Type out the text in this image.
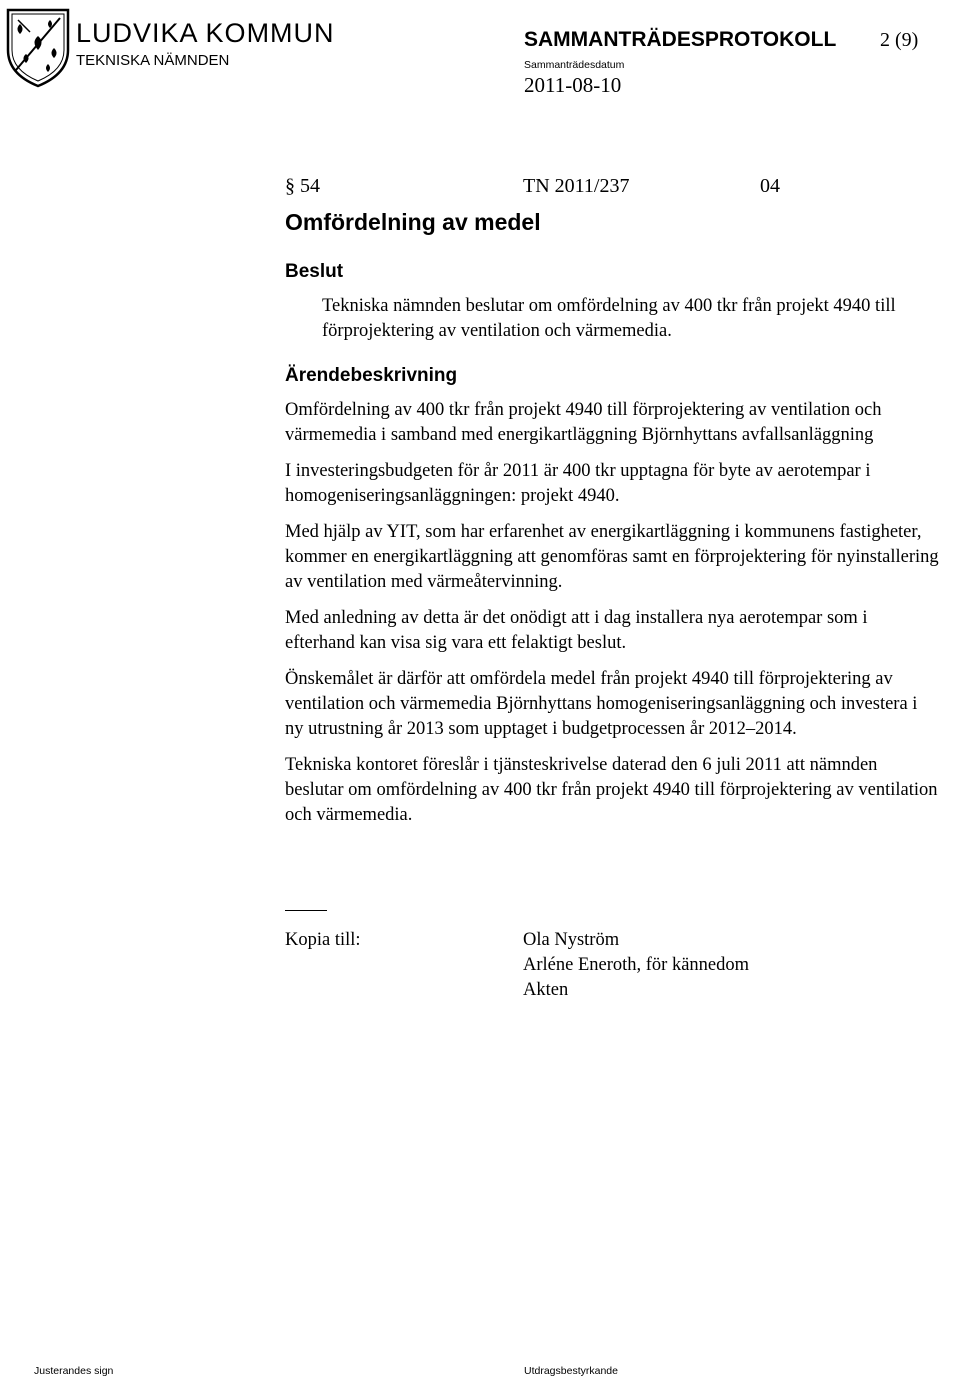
LUDVIKA KOMMUN
TEKNISKA NÄMNDEN
SAMMANTRÄDESPROTOKOLL 2 (9)
Sammanträdesdatum
2011-08-10
§ 54	TN 2011/237	04
Omfördelning av medel
Beslut
Tekniska nämnden beslutar om omfördelning av 400 tkr från projekt 4940 till förprojektering av ventilation och värmemedia.
Ärendebeskrivning

Omfördelning av 400 tkr från projekt 4940 till förprojektering av ventilation och värmemedia i samband med energikartläggning Björnhyttans avfallsanläggning

I investeringsbudgeten för år 2011 är 400 tkr upptagna för byte av aerotempar i homogeniseringsanläggningen: projekt 4940.

Med hjälp av YIT, som har erfarenhet av energikartläggning i kommunens fastigheter, kommer en energikartläggning att genomföras samt en förprojektering för nyinstallering av ventilation med värmeåtervinning.

Med anledning av detta är det onödigt att i dag installera nya aerotempar som i efterhand kan visa sig vara ett felaktigt beslut.

Önskemålet är därför att omfördela medel från projekt 4940 till förprojektering av ventilation och värmemedia Björnhyttans homogeniseringsanläggning och investera i ny utrustning år 2013 som upptaget i budgetprocessen år 2012–2014.

Tekniska kontoret föreslår i tjänsteskrivelse daterad den 6 juli 2011 att nämnden beslutar om omfördelning av 400 tkr från projekt 4940 till förprojektering av ventilation och värmemedia.

Kopia till:	Ola Nyström
Arléne Eneroth, för kännedom
Akten
Justerandes sign	Utdragsbestyrkande
